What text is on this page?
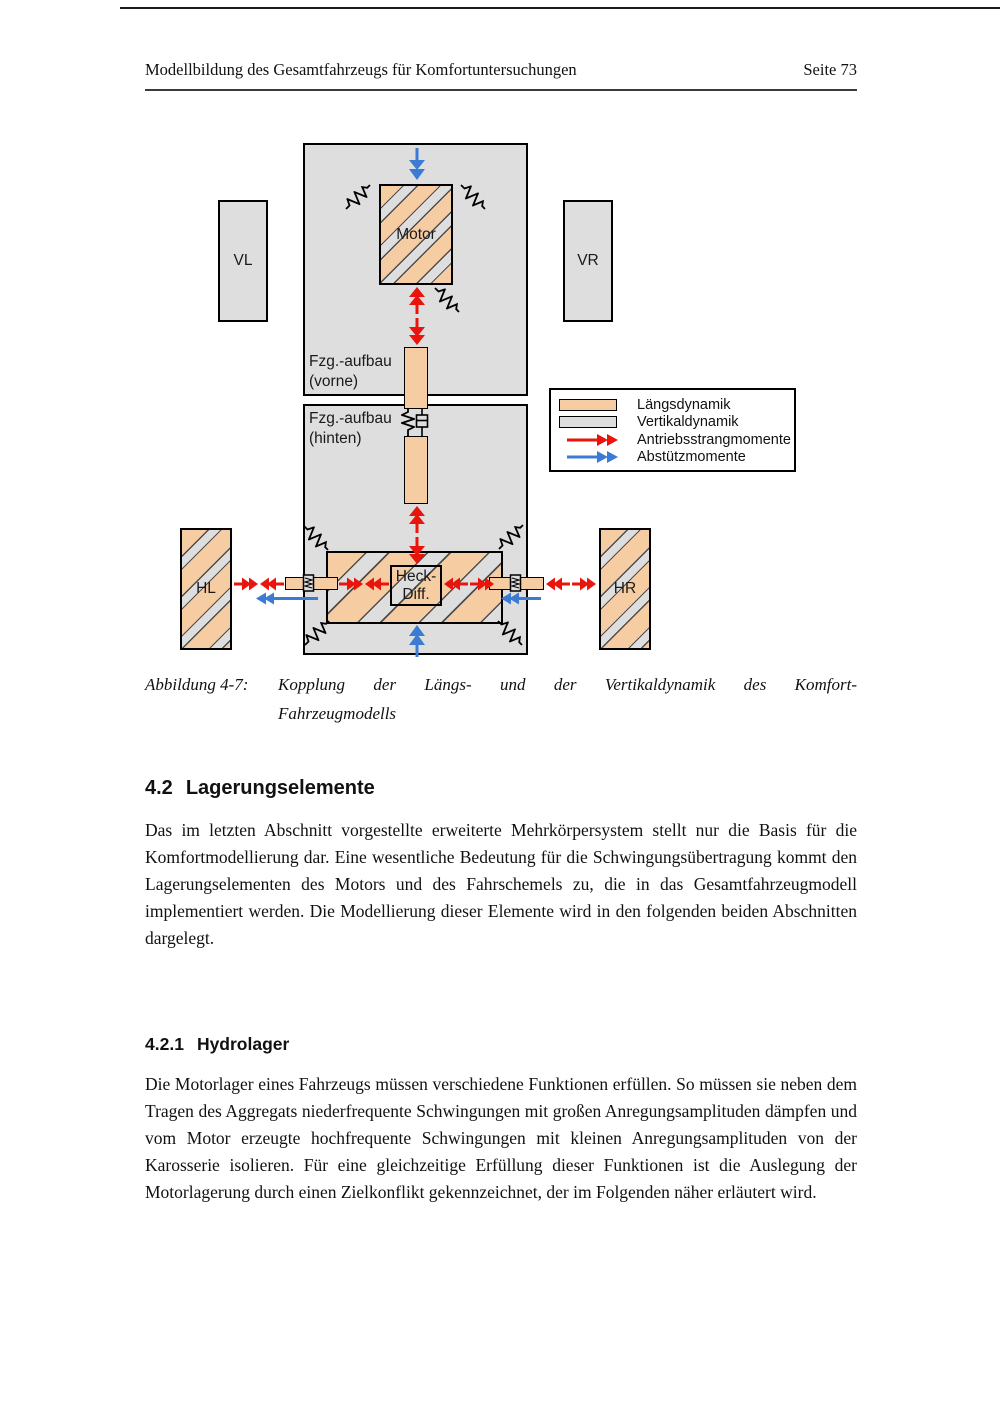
Modellbildung des Gesamtfahrzeugs für Komfortuntersuchungen	Seite 73
VL	VR
Motor
Heck-
Diff.
HL	HR
Fzg.-aufbau
(vorne)
Fzg.-aufbau
(hinten)
Längsdynamik
Vertikaldynamik
Antriebsstrangmomente
Abstützmomente
Abbildung 4-7:	Kopplung der Längs- und der Vertikaldynamik des Komfort-
Fahrzeugmodells
4.2 Lagerungselemente

Das im letzten Abschnitt vorgestellte erweiterte Mehrkörpersystem stellt nur die Basis für die Komfortmodellierung dar. Eine wesentliche Bedeutung für die Schwingungsübertragung kommt den Lagerungselementen des Motors und des Fahrschemels zu, die in das Gesamtfahrzeugmodell implementiert werden. Die Modellierung dieser Elemente wird in den folgenden beiden Abschnitten dargelegt.

4.2.1 Hydrolager

Die Motorlager eines Fahrzeugs müssen verschiedene Funktionen erfüllen. So müssen sie neben dem Tragen des Aggregats niederfrequente Schwingungen mit großen Anregungsamplituden dämpfen und vom Motor erzeugte hochfrequente Schwingungen mit kleinen Anregungsamplituden von der Karosserie isolieren. Für eine gleichzeitige Erfüllung dieser Funktionen ist die Auslegung der Motorlagerung durch einen Zielkonflikt gekennzeichnet, der im Folgenden näher erläutert wird.
